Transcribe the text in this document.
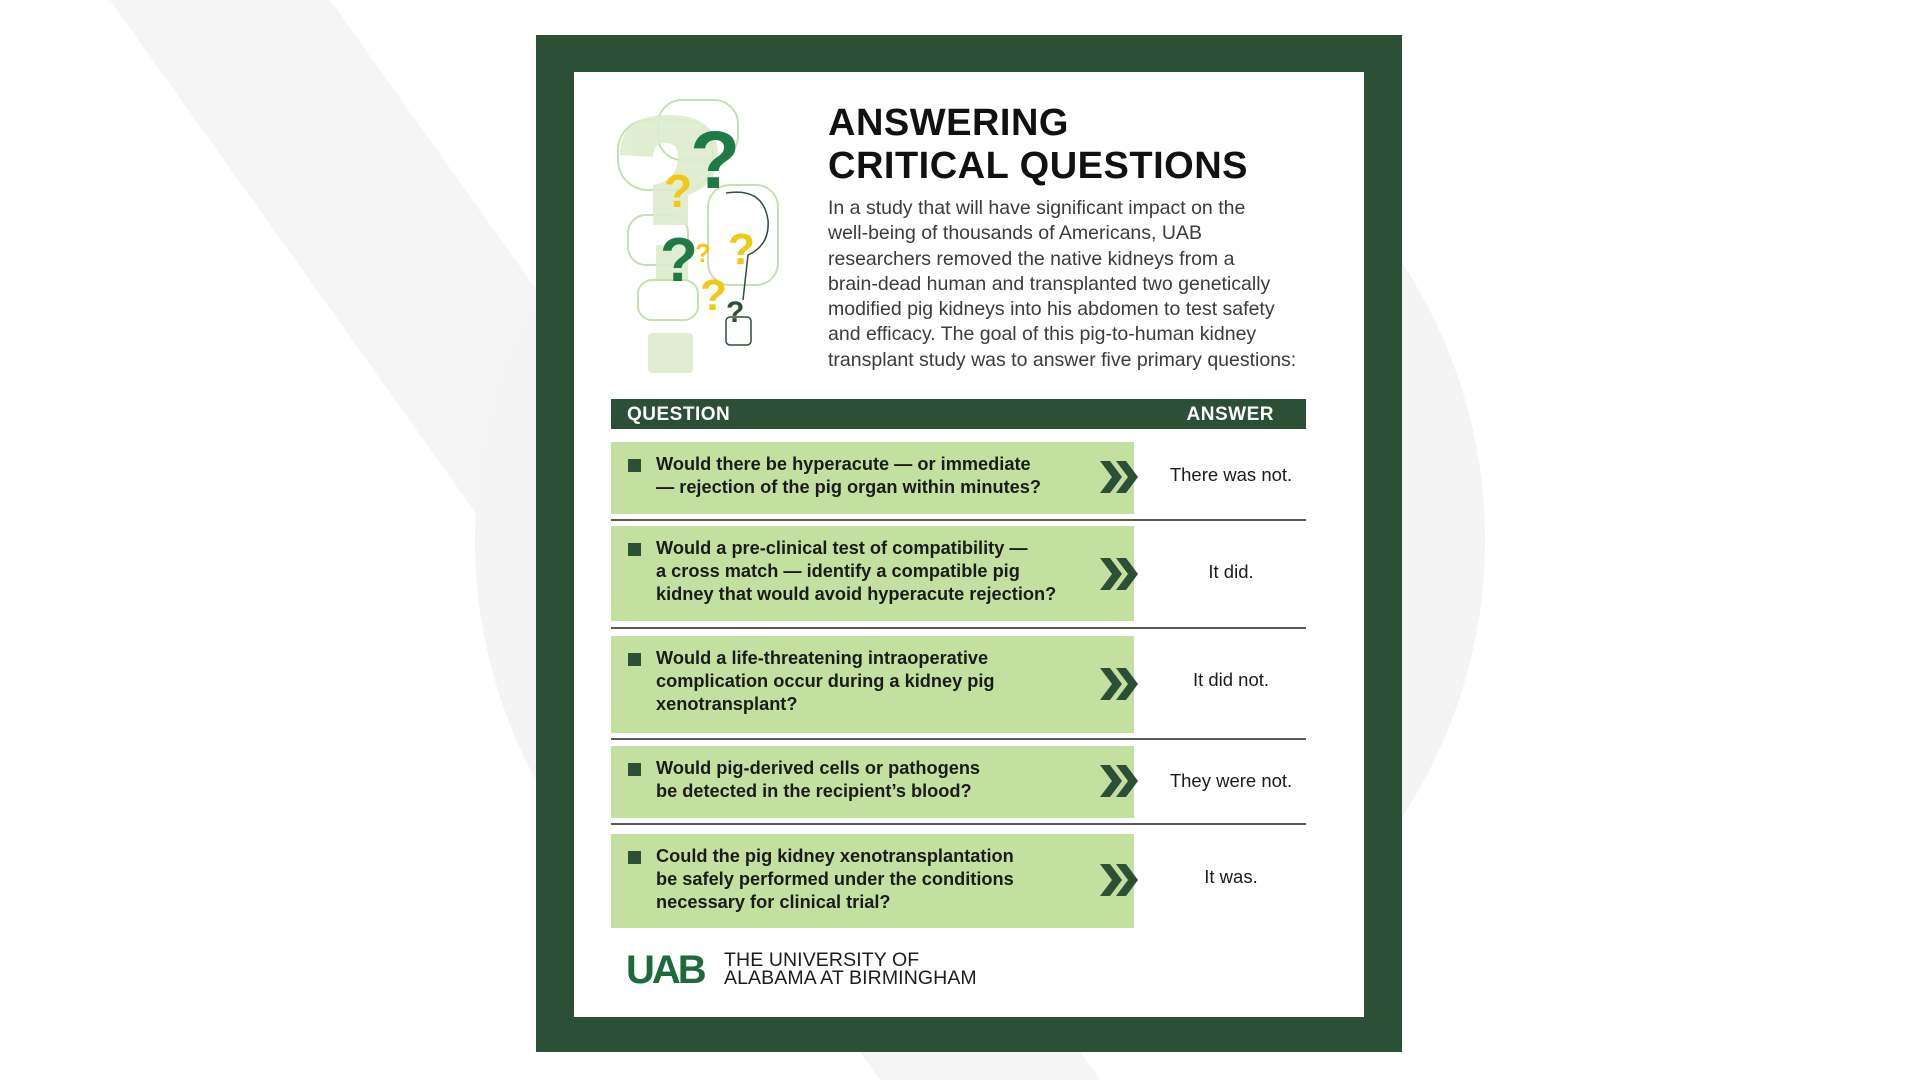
?
?
?
?
?
? ?
ANSWERING
CRITICAL QUESTIONS
In a study that will have significant impact on the
well-being of thousands of Americans, UAB
researchers removed the native kidneys from a
brain-dead human and transplanted two genetically
modified pig kidneys into his abdomen to test safety
and efficacy. The goal of this pig-to-human kidney
transplant study was to answer five primary questions:
QUESTION	ANSWER
Would there be hyperacute — or immediate
— rejection of the pig organ within minutes?
There was not.
Would a pre-clinical test of compatibility —
a cross match — identify a compatible pig
kidney that would avoid hyperacute rejection?
It did.
Would a life-threatening intraoperative
complication occur during a kidney pig
xenotransplant?
It did not.
Would pig-derived cells or pathogens
be detected in the recipient’s blood?	They were not.
Could the pig kidney xenotransplantation
be safely performed under the conditions
necessary for clinical trial?
It was.
UAB THE UNIVERSITY OF
ALABAMA AT BIRMINGHAM
